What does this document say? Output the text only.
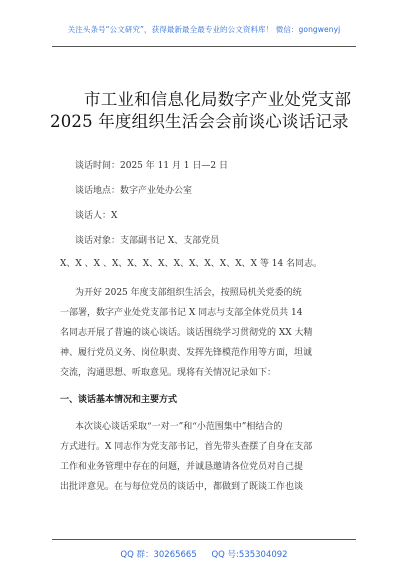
关注头条号“公文研究”，获得最新最全最专业的公文资料库！ 微信：gongwenyj
市工业和信息化局数字产业处党支部
2025 年度组织生活会会前谈心谈话记录
谈话时间：2025 年 11 月 1 日—2 日
谈话地点：数字产业处办公室
谈话人：X
谈话对象：支部副书记 X、支部党员
X、X 、X 、X、X、X、X、X、X、X、X、X、X 等 14 名同志。
为开好 2025 年度支部组织生活会，按照局机关党委的统
一部署，数字产业处党支部书记 X 同志与支部全体党员共 14
名同志开展了普遍的谈心谈话。谈话围绕学习贯彻党的 XX 大精
神、履行党员义务、岗位职责、发挥先锋模范作用等方面，坦诚
交流，沟通思想、听取意见。现将有关情况记录如下：
一、谈话基本情况和主要方式
本次谈心谈话采取“一对一”和“小范围集中”相结合的
方式进行。X 同志作为党支部书记，首先带头查摆了自身在支部
工作和业务管理中存在的问题，并诚恳邀请各位党员对自己提
出批评意见。在与每位党员的谈话中，都做到了既谈工作也谈
QQ 群：30265665 QQ 号:535304092
